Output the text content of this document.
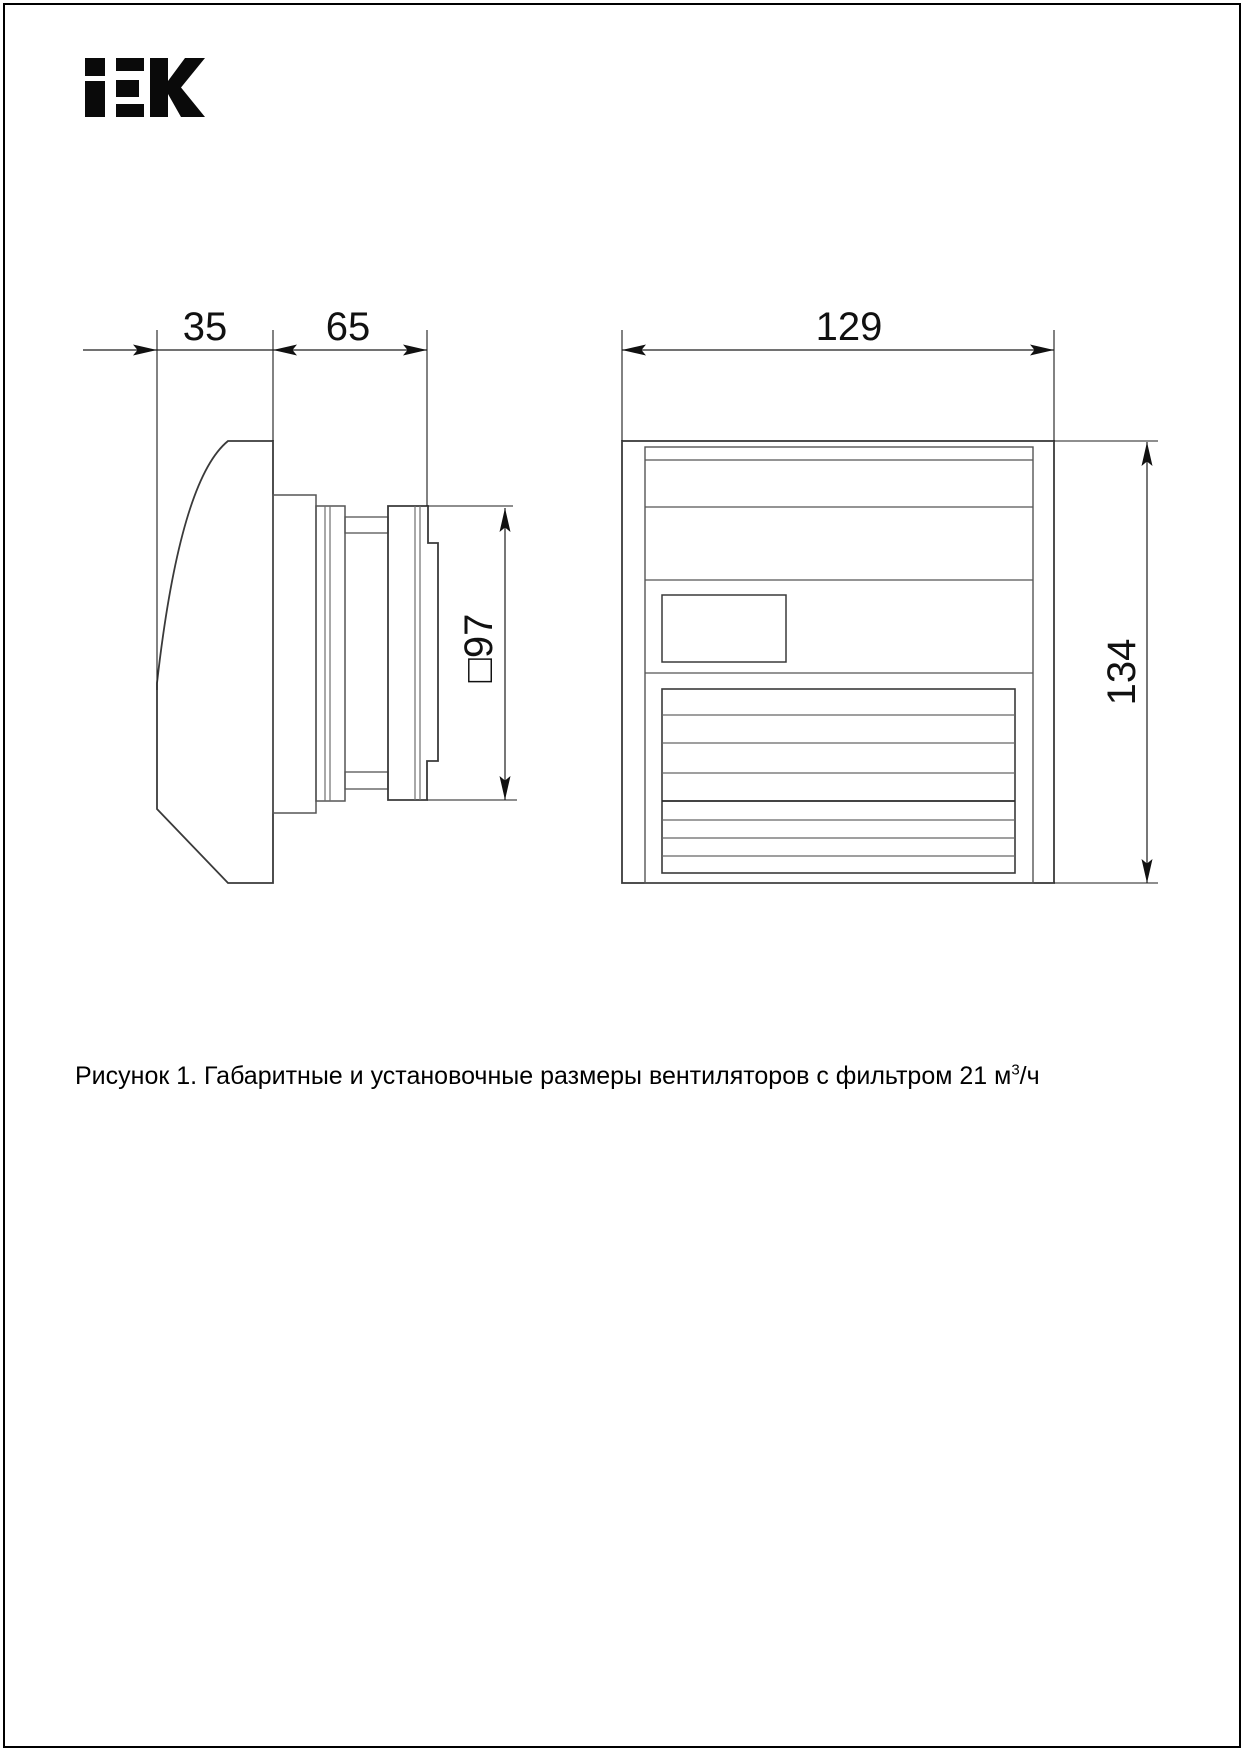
35 65
□97
129
134
Рисунок 1. Габаритные и установочные размеры вентиляторов с фильтром 21 $м^3/ч$
